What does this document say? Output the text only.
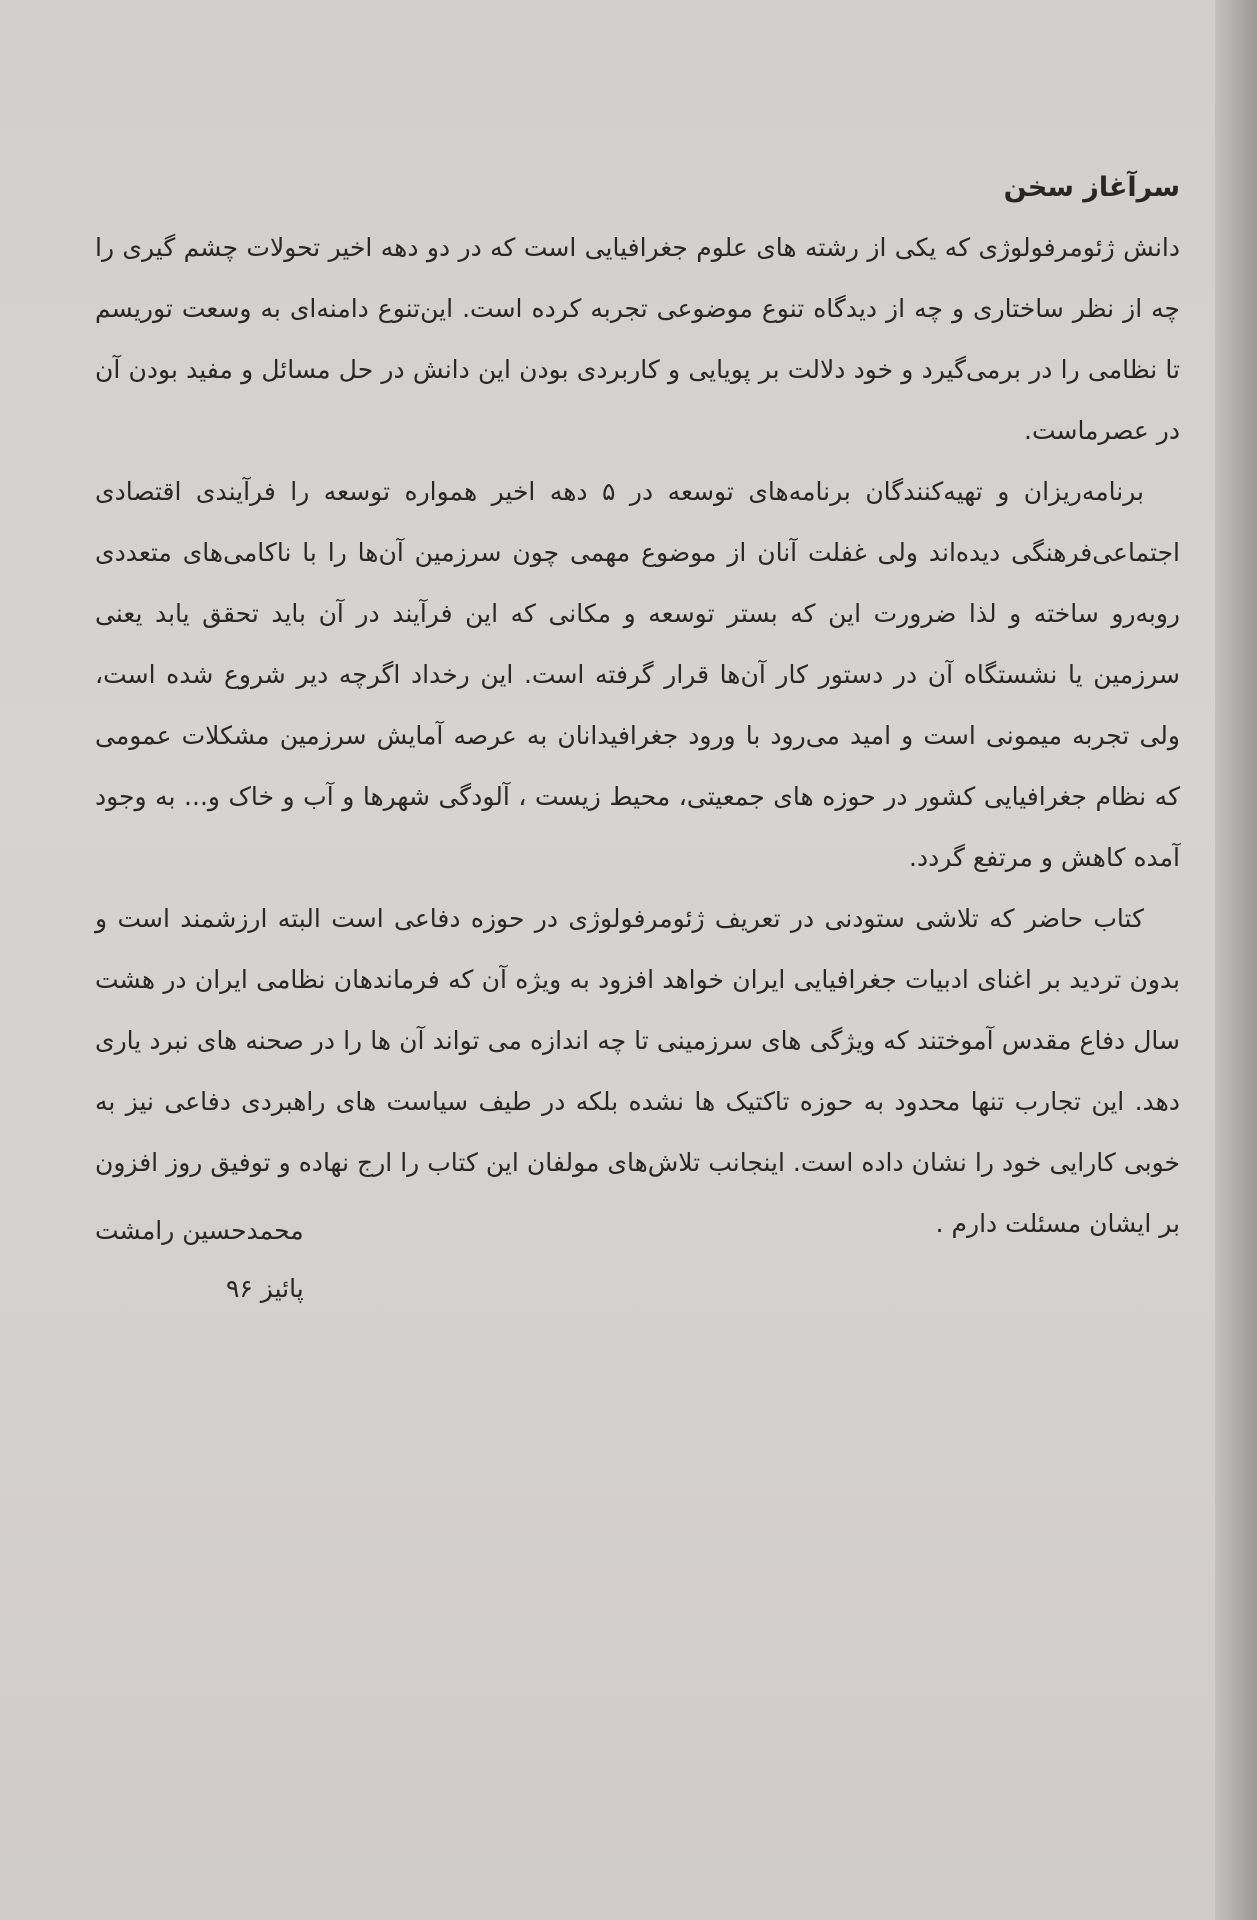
سرآغاز سخن

دانش ژئومرفولوژی که یکی از رشته های علوم جغرافیایی است که در دو دهه اخیر تحولات چشم گیری را چه از نظر ساختاری و چه از دیدگاه تنوع موضوعی تجربه کرده است. این‌تنوع دامنه‌ای به وسعت توریسم تا نظامی را در برمی‌گیرد و خود دلالت بر پویایی و کاربردی بودن این دانش در حل مسائل و مفید بودن آن در عصرماست.

برنامه‌ریزان و تهیه‌کنندگان برنامه‌های توسعه در ۵ دهه اخیر همواره توسعه را فرآیندی اقتصادی اجتماعی‌فرهنگی دیده‌اند ولی غفلت آنان از موضوع مهمی چون سرزمین آن‌ها را با ناکامی‌های متعددی روبه‌رو ساخته و لذا ضرورت این که بستر توسعه و مکانی که این فرآیند در آن باید تحقق یابد یعنی سرزمین یا نشستگاه آن در دستور کار آن‌ها قرار گرفته است. این رخداد اگرچه دیر شروع شده است، ولی تجربه میمونی است و امید می‌رود با ورود جغرافیدانان به عرصه آمایش سرزمین مشکلات عمومی که نظام جغرافیایی کشور در حوزه های جمعیتی، محیط زیست ، آلودگی شهرها و آب و خاک و... به وجود آمده کاهش و مرتفع گردد.

کتاب حاضر که تلاشی ستودنی در تعریف ژئومرفولوژی در حوزه دفاعی است البته ارزشمند است و بدون تردید بر اغنای ادبیات جغرافیایی ایران خواهد افزود به ویژه آن که فرماندهان نظامی ایران در هشت سال دفاع مقدس آموختند که ویژگی های سرزمینی تا چه اندازه می تواند آن ها را در صحنه های نبرد یاری دهد. این تجارب تنها محدود به حوزه تاکتیک ها نشده بلکه در طیف سیاست های راهبردی دفاعی نیز به خوبی کارایی خود را نشان داده است. اینجانب تلاش‌های مولفان این کتاب را ارج نهاده و توفیق روز افزون بر ایشان مسئلت دارم .

محمدحسین رامشت
پائیز ۹۶
